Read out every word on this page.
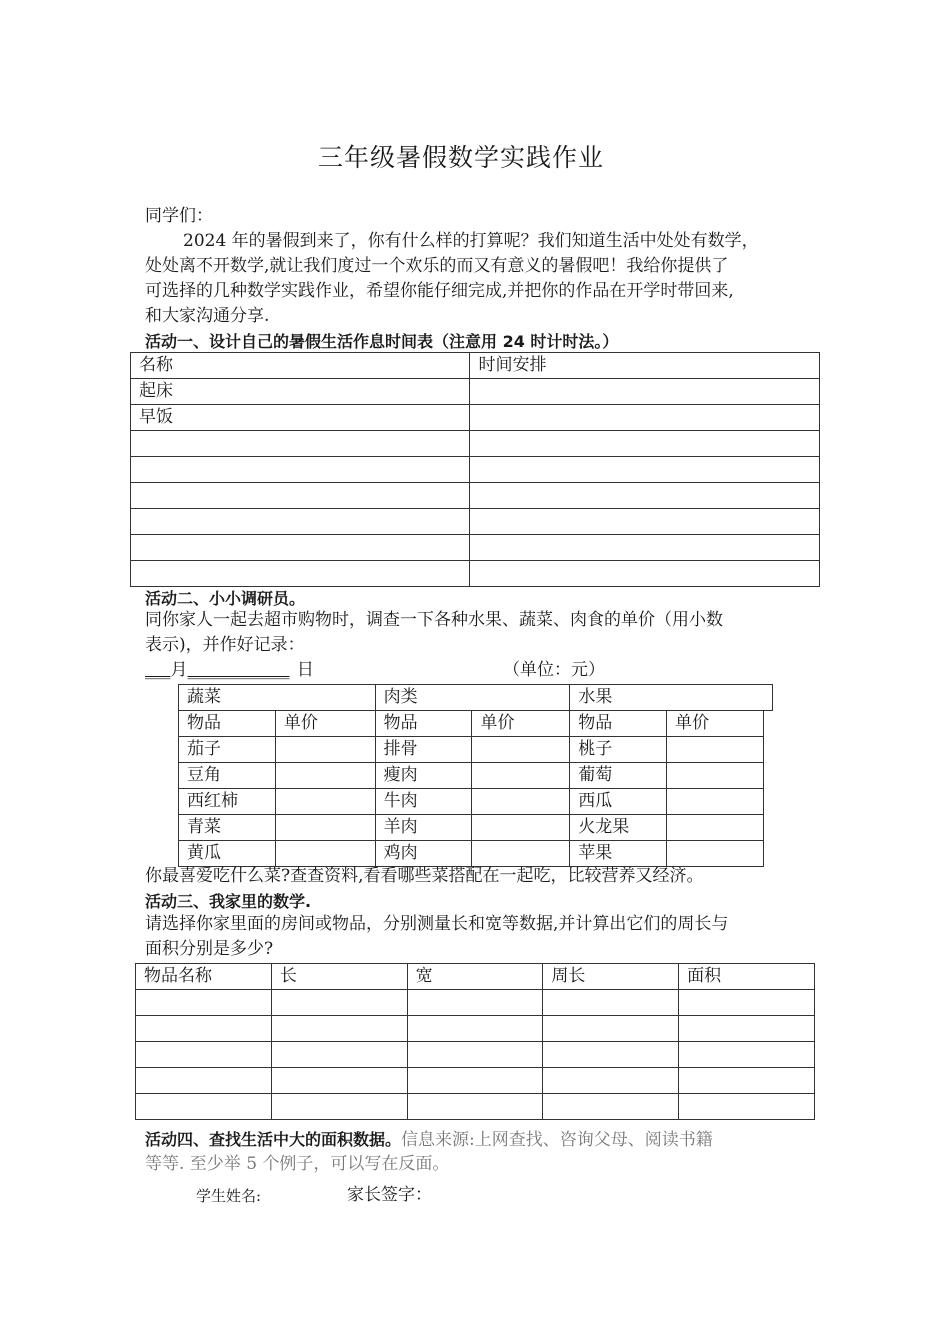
三年级暑假数学实践作业
同学们：
2024 年的暑假到来了，你有什么样的打算呢？我们知道生活中处处有数学，
处处离不开数学,就让我们度过一个欢乐的而又有意义的暑假吧！我给你提供了
可选择的几种数学实践作业，希望你能仔细完成,并把你的作品在开学时带回来,
和大家沟通分享.
活动一、设计自己的暑假生活作息时间表（注意用 24 时计时法。）
名称	时间安排
起床	
早饭	

活动二、小小调研员。
同你家人一起去超市购物时，调查一下各种水果、蔬菜、肉食的单价（用小数
表示)，并作好记录：
___月____________ 日	（单位：元）
蔬菜	肉类	水果
物品	单价	物品	单价	物品	单价
茄子		排骨		桃子	
豆角		瘦肉		葡萄	
西红柿		牛肉		西瓜	
青菜		羊肉		火龙果	
黄瓜		鸡肉		苹果	
你最喜爱吃什么菜?查查资料,看看哪些菜搭配在一起吃，比较营养又经济。
活动三、我家里的数学.
请选择你家里面的房间或物品，分别测量长和宽等数据,并计算出它们的周长与
面积分别是多少?
物品名称	长	宽	周长	面积

活动四、查找生活中大的面积数据。信息来源:上网查找、咨询父母、阅读书籍
等等. 至少举 5 个例子，可以写在反面。
学生姓名:	家长签字：
